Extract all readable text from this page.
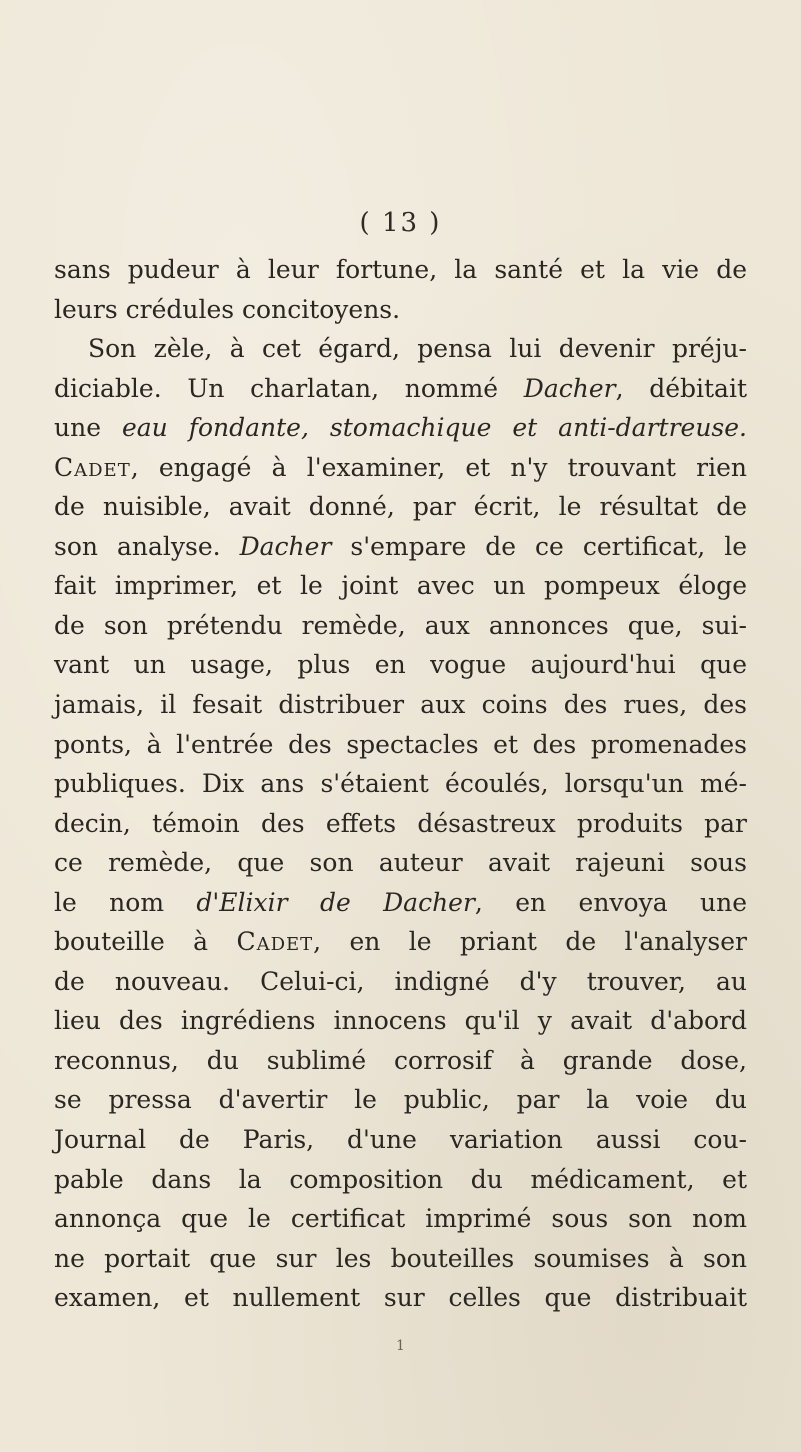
( 13 )
sans pudeur à leur fortune, la santé et la vie de
leurs crédules concitoyens.
Son zèle, à cet égard, pensa lui devenir préju-
diciable. Un charlatan, nommé Dacher, débitait
une eau fondante, stomachique et anti-dartreuse.
Cadet, engagé à l'examiner, et n'y trouvant rien
de nuisible, avait donné, par écrit, le résultat de
son analyse. Dacher s'empare de ce certificat, le
fait imprimer, et le joint avec un pompeux éloge
de son prétendu remède, aux annonces que, sui-
vant un usage, plus en vogue aujourd'hui que
jamais, il fesait distribuer aux coins des rues, des
ponts, à l'entrée des spectacles et des promenades
publiques. Dix ans s'étaient écoulés, lorsqu'un mé-
decin, témoin des effets désastreux produits par
ce remède, que son auteur avait rajeuni sous
le nom d'Elixir de Dacher, en envoya une
bouteille à Cadet, en le priant de l'analyser
de nouveau. Celui-ci, indigné d'y trouver, au
lieu des ingrédiens innocens qu'il y avait d'abord
reconnus, du sublimé corrosif à grande dose,
se pressa d'avertir le public, par la voie du
Journal de Paris, d'une variation aussi cou-
pable dans la composition du médicament, et
annonça que le certificat imprimé sous son nom
ne portait que sur les bouteilles soumises à son
examen, et nullement sur celles que distribuait
1
